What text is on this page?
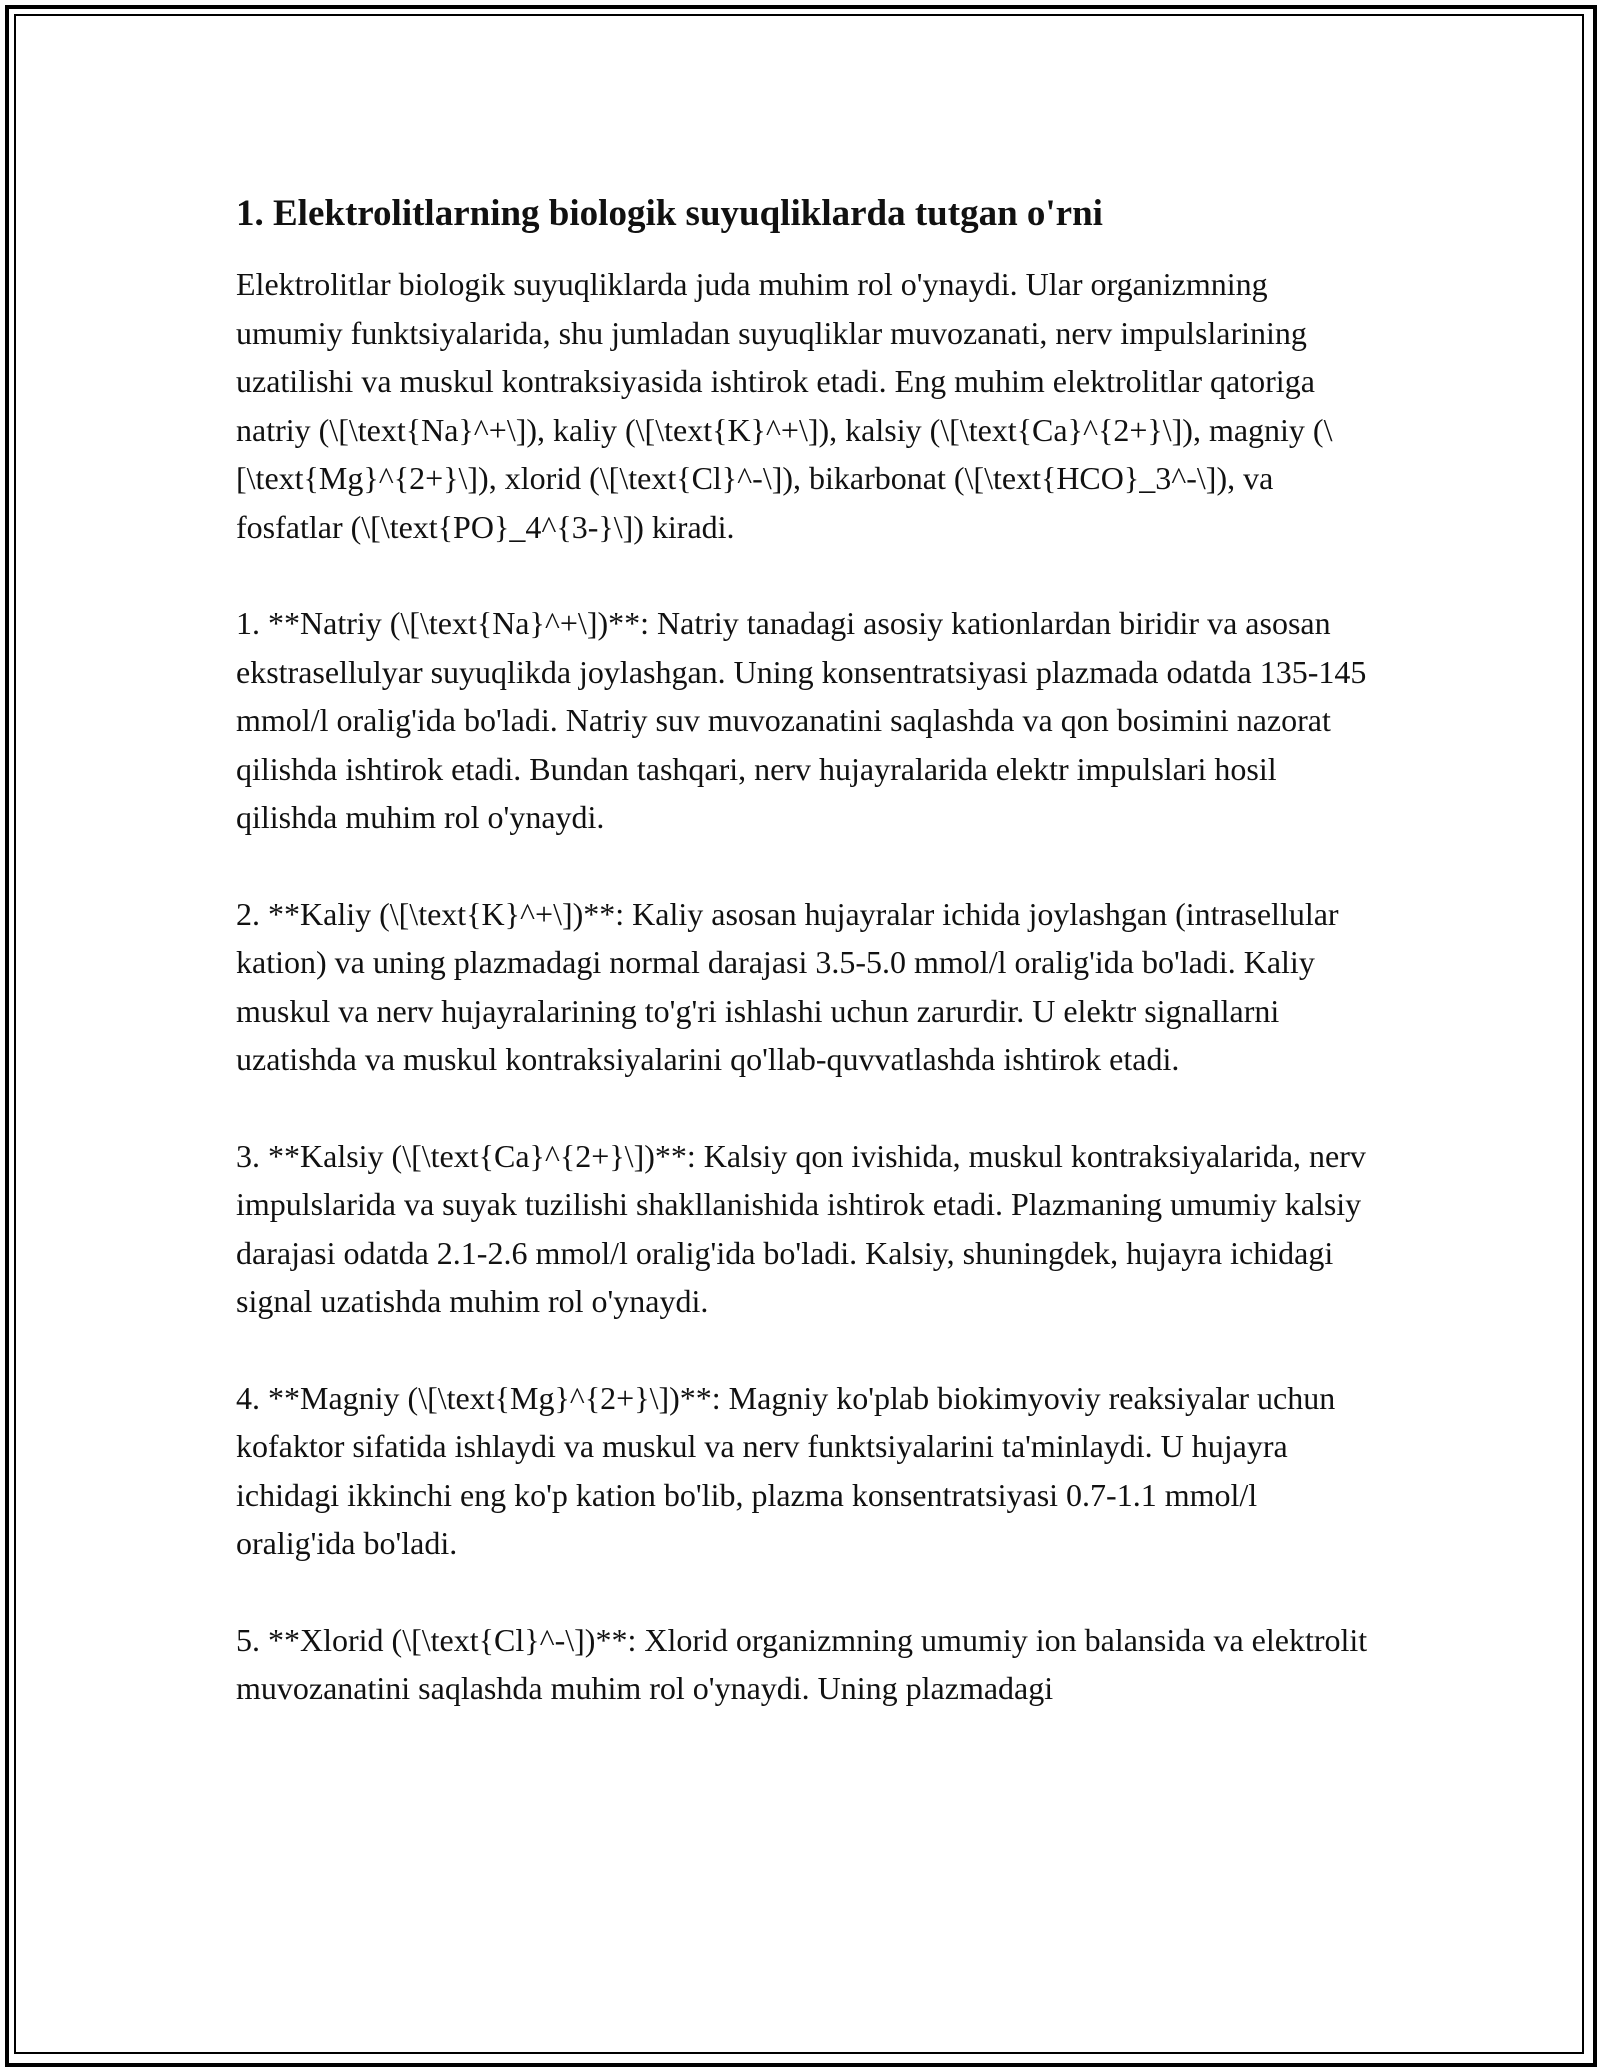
1. Elektrolitlarning biologik suyuqliklarda tutgan o'rni

Elektrolitlar biologik suyuqliklarda juda muhim rol o'ynaydi. Ular organizmning umumiy funktsiyalarida, shu jumladan suyuqliklar muvozanati, nerv impulslarining uzatilishi va muskul kontraksiyasida ishtirok etadi. Eng muhim elektrolitlar qatoriga natriy (\[\text{Na}^+\]), kaliy (\[\text{K}^+\]), kalsiy (\[\text{Ca}^{2+}\]), magniy (\[\text{Mg}^{2+}\]), xlorid (\[\text{Cl}^-\]), bikarbonat (\[\text{HCO}_3^-\]), va fosfatlar (\[\text{PO}_4^{3-}\]) kiradi.

1. **Natriy (\[\text{Na}^+\])**: Natriy tanadagi asosiy kationlardan biridir va asosan ekstrasellulyar suyuqlikda joylashgan. Uning konsentratsiyasi plazmada odatda 135-145 mmol/l oralig'ida bo'ladi. Natriy suv muvozanatini saqlashda va qon bosimini nazorat qilishda ishtirok etadi. Bundan tashqari, nerv hujayralarida elektr impulslari hosil qilishda muhim rol o'ynaydi.

2. **Kaliy (\[\text{K}^+\])**: Kaliy asosan hujayralar ichida joylashgan (intrasellular kation) va uning plazmadagi normal darajasi 3.5-5.0 mmol/l oralig'ida bo'ladi. Kaliy muskul va nerv hujayralarining to'g'ri ishlashi uchun zarurdir. U elektr signallarni uzatishda va muskul kontraksiyalarini qo'llab-quvvatlashda ishtirok etadi.

3. **Kalsiy (\[\text{Ca}^{2+}\])**: Kalsiy qon ivishida, muskul kontraksiyalarida, nerv impulslarida va suyak tuzilishi shakllanishida ishtirok etadi. Plazmaning umumiy kalsiy darajasi odatda 2.1-2.6 mmol/l oralig'ida bo'ladi. Kalsiy, shuningdek, hujayra ichidagi signal uzatishda muhim rol o'ynaydi.

4. **Magniy (\[\text{Mg}^{2+}\])**: Magniy ko'plab biokimyoviy reaksiyalar uchun kofaktor sifatida ishlaydi va muskul va nerv funktsiyalarini ta'minlaydi. U hujayra ichidagi ikkinchi eng ko'p kation bo'lib, plazma konsentratsiyasi 0.7-1.1 mmol/l oralig'ida bo'ladi.

5. **Xlorid (\[\text{Cl}^-\])**: Xlorid organizmning umumiy ion balansida va elektrolit muvozanatini saqlashda muhim rol o'ynaydi. Uning plazmadagi
